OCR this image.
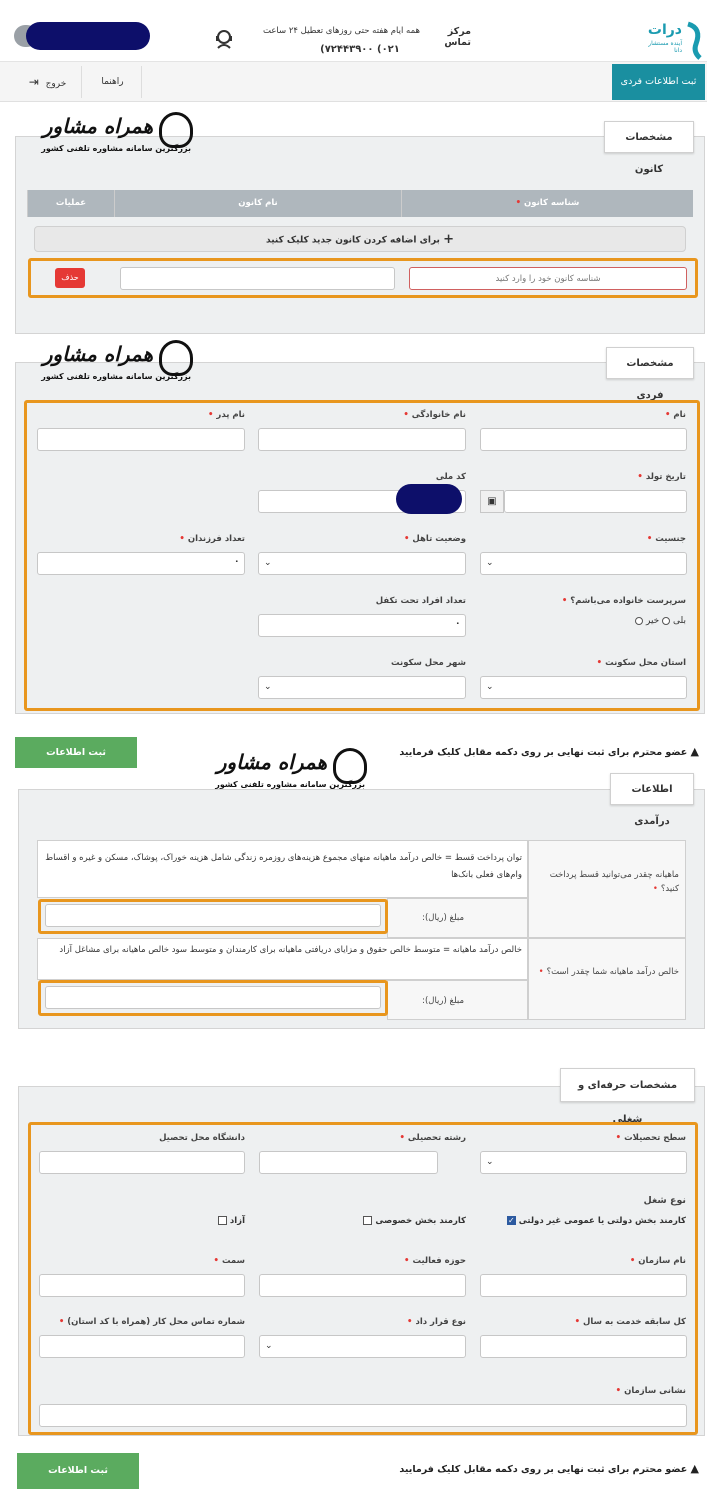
مرکز تماس
همه ایام هفته حتی روزهای تعطیل ۲۴ ساعت
۰۲۱) ۷۲۴۴۳۹۰۰)
درات
آینده مستشار
دانا
خروج ⇥	راهنما	ثبت اطلاعات فردی
مشخصات کانون
همراه مشاور
بزرگترین سامانه مشاوره تلفنی کشور
عملیات	نام کانون	شناسه کانون•
+ برای اضافه کردن کانون جدید کلیک کنید
شناسه کانون خود را وارد کنید
حذف
مشخصات فردی
همراه مشاور
بزرگترین سامانه مشاوره تلفنی کشور
نام•
نام خانوادگی•
نام پدر•
تاریخ تولد•
▣
کد ملی
جنسیت•
⌄
وضعیت تاهل•
⌄
تعداد فرزندان•
۰
سرپرست خانواده می‌باشم؟•
بلی  خیر
تعداد افراد تحت تکفل
۰
استان محل سکونت•
⌄
شهر محل سکونت
⌄
ثبت اطلاعات	▲ عضو محترم برای ثبت نهایی بر روی دکمه مقابل کلیک فرمایید
اطلاعات درآمدی
همراه مشاور
بزرگترین سامانه مشاوره تلفنی کشور
ماهیانه چقدر می‌توانید قسط پرداخت کنید؟•
توان پرداخت قسط = خالص درآمد ماهیانه منهای مجموع هزینه‌های روزمره زندگی شامل هزینه خوراک، پوشاک، مسکن و غیره و اقساط وام‌های فعلی بانک‌ها
مبلغ (ریال):
خالص درآمد ماهیانه شما چقدر است؟•
خالص درآمد ماهیانه = متوسط خالص حقوق و مزایای دریافتی ماهیانه برای کارمندان و متوسط سود خالص ماهیانه برای مشاغل آزاد
مبلغ (ریال):
مشخصات حرفه‌ای و شغلی
سطح تحصیلات•
⌄
رشته تحصیلی•
دانشگاه محل تحصیل
نوع شغل
کارمند بخش دولتی یا عمومی غیر دولتی ✓
کارمند بخش خصوصی
آزاد
نام سازمان•
حوزه فعالیت•
سمت•
کل سابقه خدمت به سال•
نوع قرار داد•
⌄
شماره تماس محل کار (همراه با کد استان)•
نشانی سازمان•
ثبت اطلاعات	▲ عضو محترم برای ثبت نهایی بر روی دکمه مقابل کلیک فرمایید
